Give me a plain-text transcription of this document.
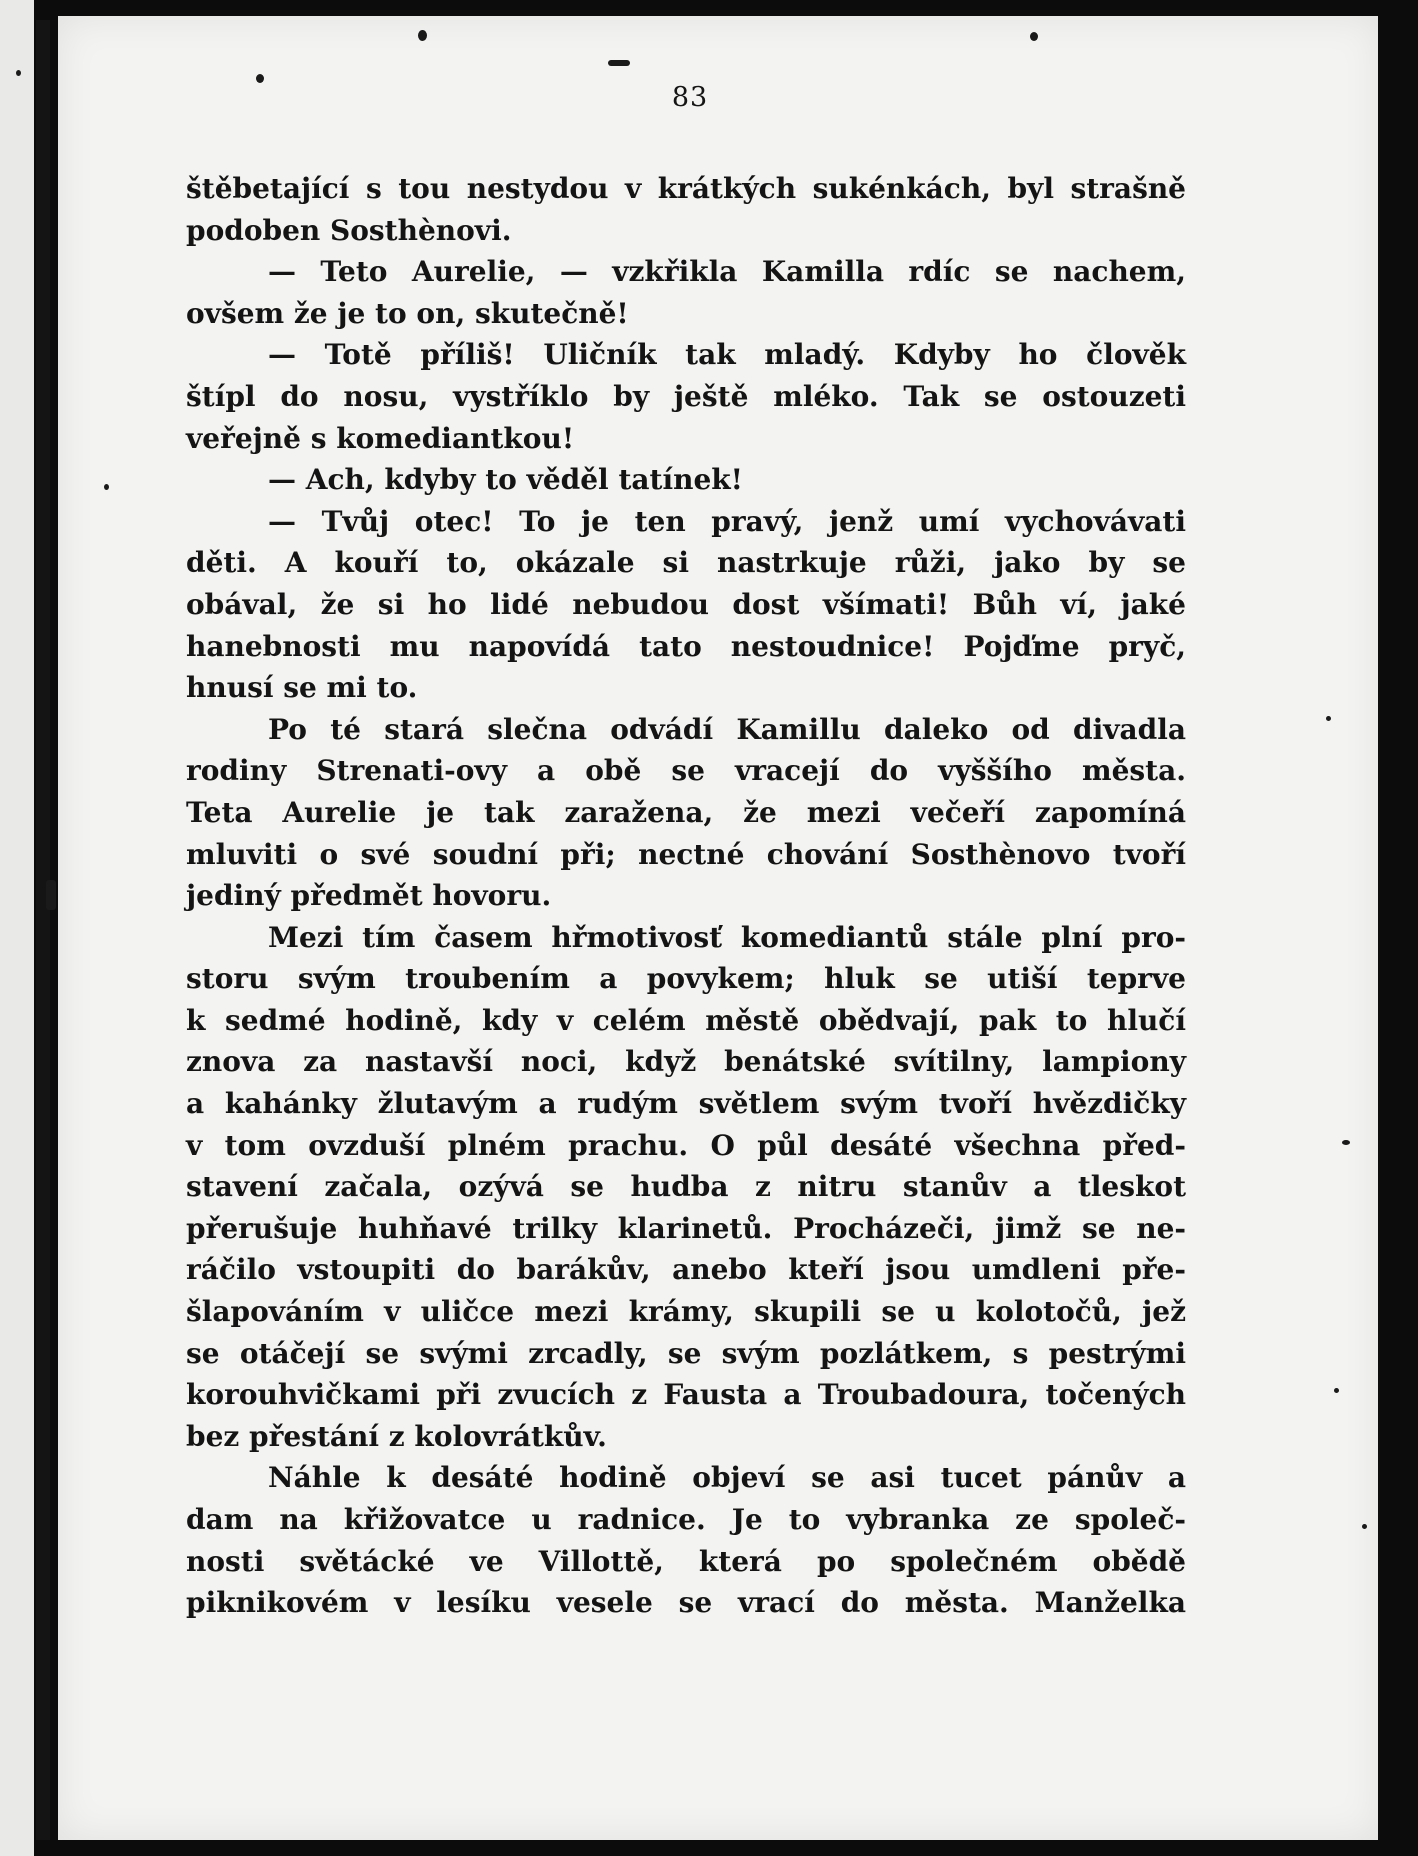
83
štěbetající s tou nestydou v krátkých sukénkách, byl strašně
podoben Sosthènovi.
— Teto Aurelie, — vzkřikla Kamilla rdíc se nachem,
ovšem že je to on, skutečně!
— Totě příliš! Uličník tak mladý. Kdyby ho člověk
štípl do nosu, vystříklo by ještě mléko. Tak se ostouzeti
veřejně s komediantkou!
— Ach, kdyby to věděl tatínek!
— Tvůj otec! To je ten pravý, jenž umí vychovávati
děti. A kouří to, okázale si nastrkuje růži, jako by se
obával, že si ho lidé nebudou dost všímati! Bůh ví, jaké
hanebnosti mu napovídá tato nestoudnice! Pojďme pryč,
hnusí se mi to.
Po té stará slečna odvádí Kamillu daleko od divadla
rodiny Strenati-ovy a obě se vracejí do vyššího města.
Teta Aurelie je tak zaražena, že mezi večeří zapomíná
mluviti o své soudní při; nectné chování Sosthènovo tvoří
jediný předmět hovoru.
Mezi tím časem hřmotivosť komediantů stále plní pro-
storu svým troubením a povykem; hluk se utiší teprve
k sedmé hodině, kdy v celém městě obědvají, pak to hlučí
znova za nastavší noci, když benátské svítilny, lampiony
a kahánky žlutavým a rudým světlem svým tvoří hvězdičky
v tom ovzduší plném prachu. O půl desáté všechna před-
stavení začala, ozývá se hudba z nitru stanův a tleskot
přerušuje huhňavé trilky klarinetů. Procházeči, jimž se ne-
ráčilo vstoupiti do barákův, anebo kteří jsou umdleni pře-
šlapováním v uličce mezi krámy, skupili se u kolotočů, jež
se otáčejí se svými zrcadly, se svým pozlátkem, s pestrými
korouhvičkami při zvucích z Fausta a Troubadoura, točených
bez přestání z kolovrátkův.
Náhle k desáté hodině objeví se asi tucet pánův a
dam na křižovatce u radnice. Je to vybranka ze společ-
nosti světácké ve Villottě, která po společném obědě
piknikovém v lesíku vesele se vrací do města. Manželka
